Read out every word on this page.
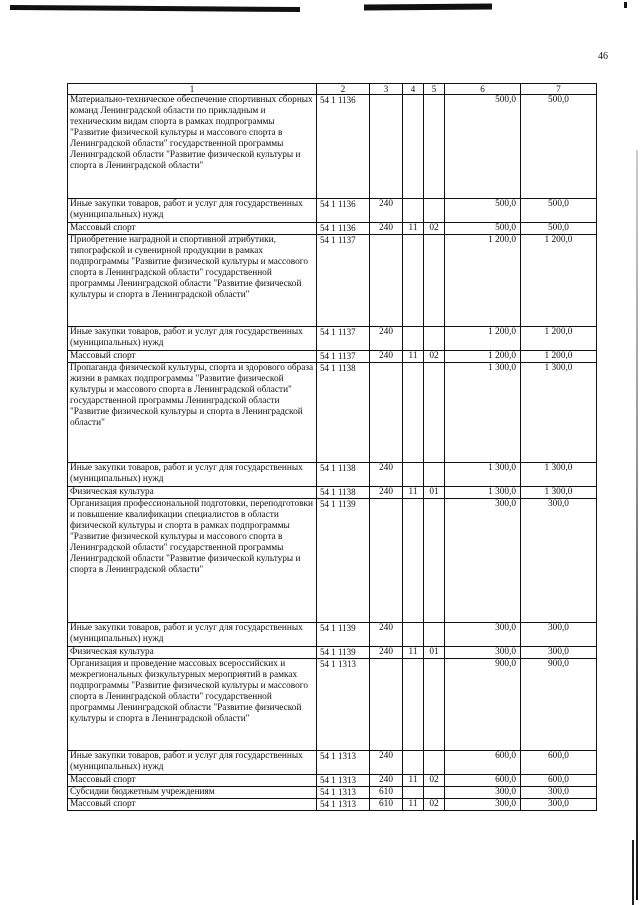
46
1	2	3	4	5	6	7
Материально-техническое обеспечение спортивных сборных команд Ленинградской области по прикладным и техническим видам спорта в рамках подпрограммы "Развитие физической культуры и массового спорта в Ленинградской области" государственной программы Ленинградской области "Развитие физической культуры и спорта в Ленинградской области"	54 1 1136				500,0	500,0
Иные закупки товаров, работ и услуг для государственных (муниципальных) нужд	54 1 1136	240			500,0	500,0
Массовый спорт	54 1 1136	240	11	02	500,0	500,0
Приобретение наградной и спортивной атрибутики, типографской и сувенирной продукции в рамках подпрограммы "Развитие физической культуры и массового спорта в Ленинградской области" государственной программы Ленинградской области "Развитие физической культуры и спорта в Ленинградской области"	54 1 1137				1 200,0	1 200,0
Иные закупки товаров, работ и услуг для государственных (муниципальных) нужд	54 1 1137	240			1 200,0	1 200,0
Массовый спорт	54 1 1137	240	11	02	1 200,0	1 200,0
Пропаганда физической культуры, спорта и здорового образа жизни в рамках подпрограммы "Развитие физической культуры и массового спорта в Ленинградской области" государственной программы Ленинградской области "Развитие физической культуры и спорта в Ленинградской области"	54 1 1138				1 300,0	1 300,0
Иные закупки товаров, работ и услуг для государственных (муниципальных) нужд	54 1 1138	240			1 300,0	1 300,0
Физическая культура	54 1 1138	240	11	01	1 300,0	1 300,0
Организация профессиональной подготовки, переподготовки и повышение квалификации специалистов в области физической культуры и спорта в рамках подпрограммы "Развитие физической культуры и массового спорта в Ленинградской области" государственной программы Ленинградской области "Развитие физической культуры и спорта в Ленинградской области"	54 1 1139				300,0	300,0
Иные закупки товаров, работ и услуг для государственных (муниципальных) нужд	54 1 1139	240			300,0	300,0
Физическая культура	54 1 1139	240	11	01	300,0	300,0
Организация и проведение массовых всероссийских и межрегиональных физкультурных мероприятий в рамках подпрограммы "Развитие физической культуры и массового спорта в Ленинградской области" государственной программы Ленинградской области "Развитие физической культуры и спорта в Ленинградской области"	54 1 1313				900,0	900,0
Иные закупки товаров, работ и услуг для государственных (муниципальных) нужд	54 1 1313	240			600,0	600,0
Массовый спорт	54 1 1313	240	11	02	600,0	600,0
Субсидии бюджетным учреждениям	54 1 1313	610			300,0	300,0
Массовый спорт	54 1 1313	610	11	02	300,0	300,0
